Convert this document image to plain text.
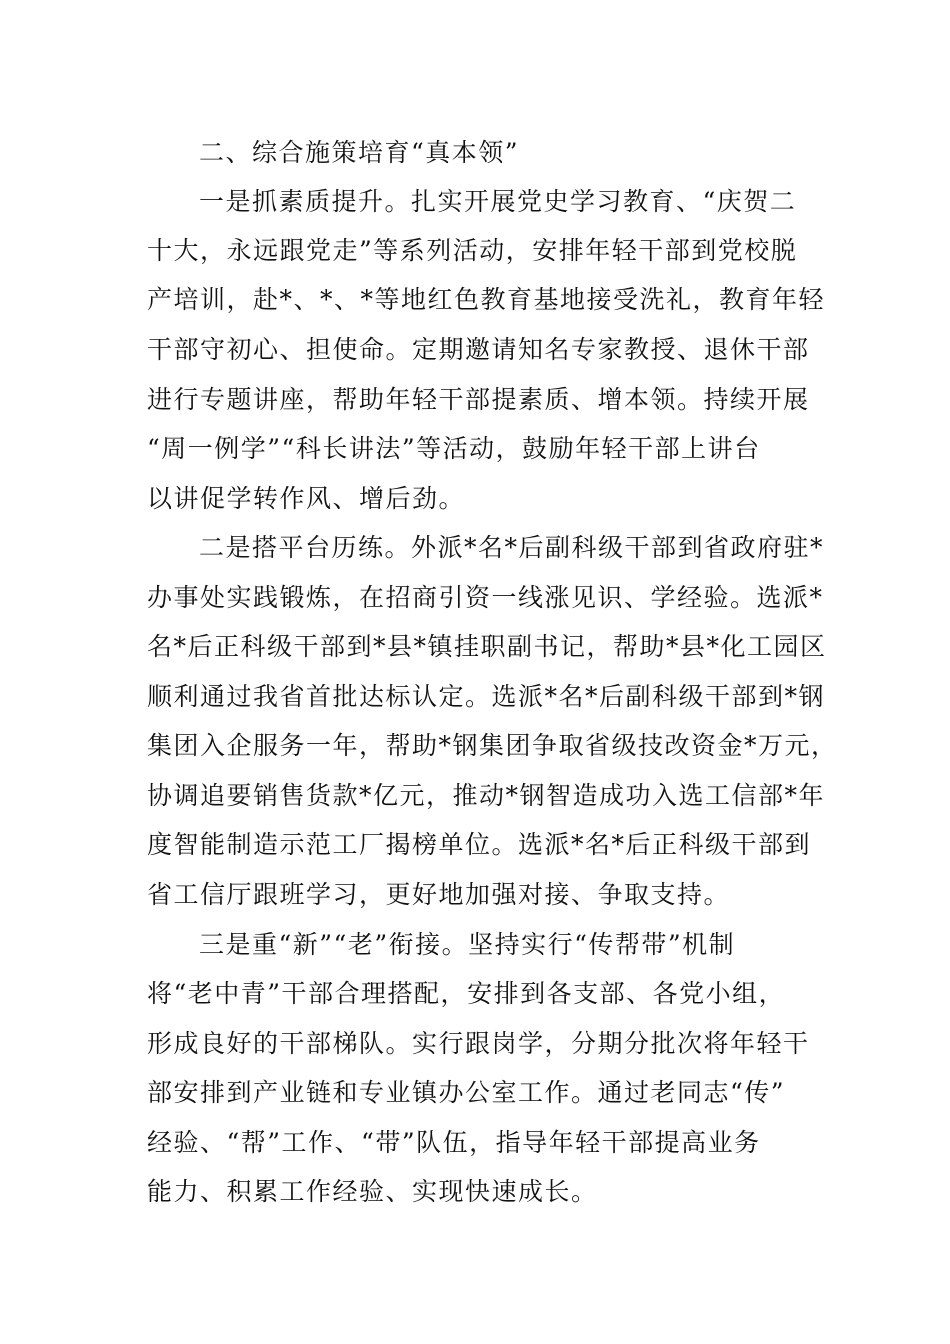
二、综合施策培育“真本领”
一是抓素质提升。扎实开展党史学习教育、“庆贺二
十大，永远跟党走”等系列活动，安排年轻干部到党校脱
产培训，赴*、*、*等地红色教育基地接受洗礼，教育年轻
干部守初心、担使命。定期邀请知名专家教授、退休干部
进行专题讲座，帮助年轻干部提素质、增本领。持续开展
“周一例学”“科长讲法”等活动，鼓励年轻干部上讲台
以讲促学转作风、增后劲。
二是搭平台历练。外派*名*后副科级干部到省政府驻*
办事处实践锻炼，在招商引资一线涨见识、学经验。选派*
名*后正科级干部到*县*镇挂职副书记，帮助*县*化工园区
顺利通过我省首批达标认定。选派*名*后副科级干部到*钢
集团入企服务一年，帮助*钢集团争取省级技改资金*万元，
协调追要销售货款*亿元，推动*钢智造成功入选工信部*年
度智能制造示范工厂揭榜单位。选派*名*后正科级干部到
省工信厅跟班学习，更好地加强对接、争取支持。
三是重“新”“老”衔接。坚持实行“传帮带”机制
将“老中青”干部合理搭配，安排到各支部、各党小组，
形成良好的干部梯队。实行跟岗学，分期分批次将年轻干
部安排到产业链和专业镇办公室工作。通过老同志“传”
经验、“帮”工作、“带”队伍，指导年轻干部提高业务
能力、积累工作经验、实现快速成长。
